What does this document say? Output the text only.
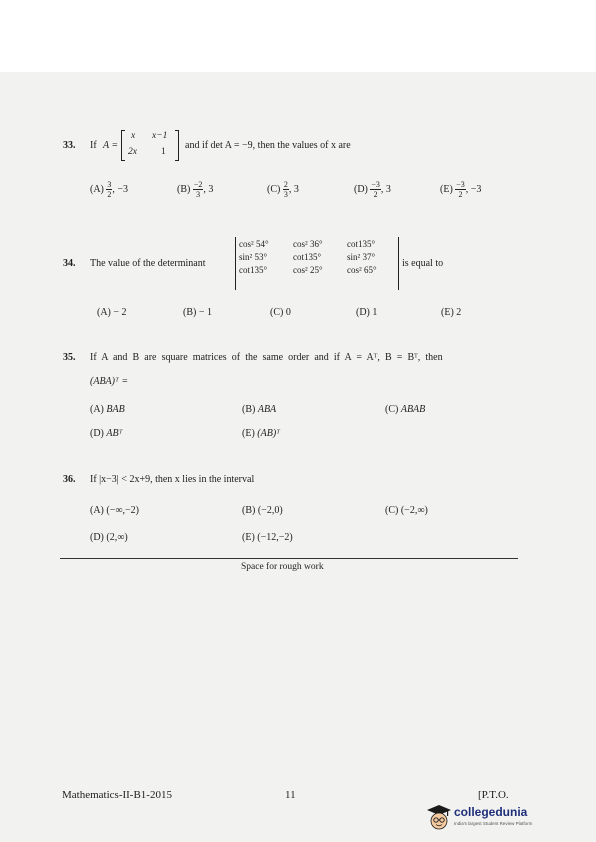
33. If A =
x x−1
2x	1
and if det A = −9, then the values of x are
$(A) \frac{3}{2}$ , −3	$(B) \frac{-2}{3}$ , 3	$(C) \frac{2}{3}$ , 3	$(D) \frac{-3}{2}$ , 3	$(E) \frac{-3}{2}$ , −3
34. The value of the determinant
cos² 54°	cos² 36°	cot135°
sin² 53°	cot135°	sin² 37°
cot135°	cos² 25°	cos² 65°
is equal to
(A) − 2	(B) − 1	(C) 0	(D) 1	(E) 2
35. If A and B are square matrices of the same order and if A = Aᵀ, B = Bᵀ, then
(ABA)ᵀ =
(A) BAB	(B) ABA	(C) ABAB
(D) ABᵀ	(E) (AB)ᵀ
36. If |x−3| < 2x+9, then x lies in the interval
(A) (−∞,−2)	(B) (−2,0)	(C) (−2,∞)
(D) (2,∞)	(E) (−12,−2)
Space for rough work
Mathematics-II-B1-2015	11	[P.T.O.
collegedunia
India's largest Student Review Platform
